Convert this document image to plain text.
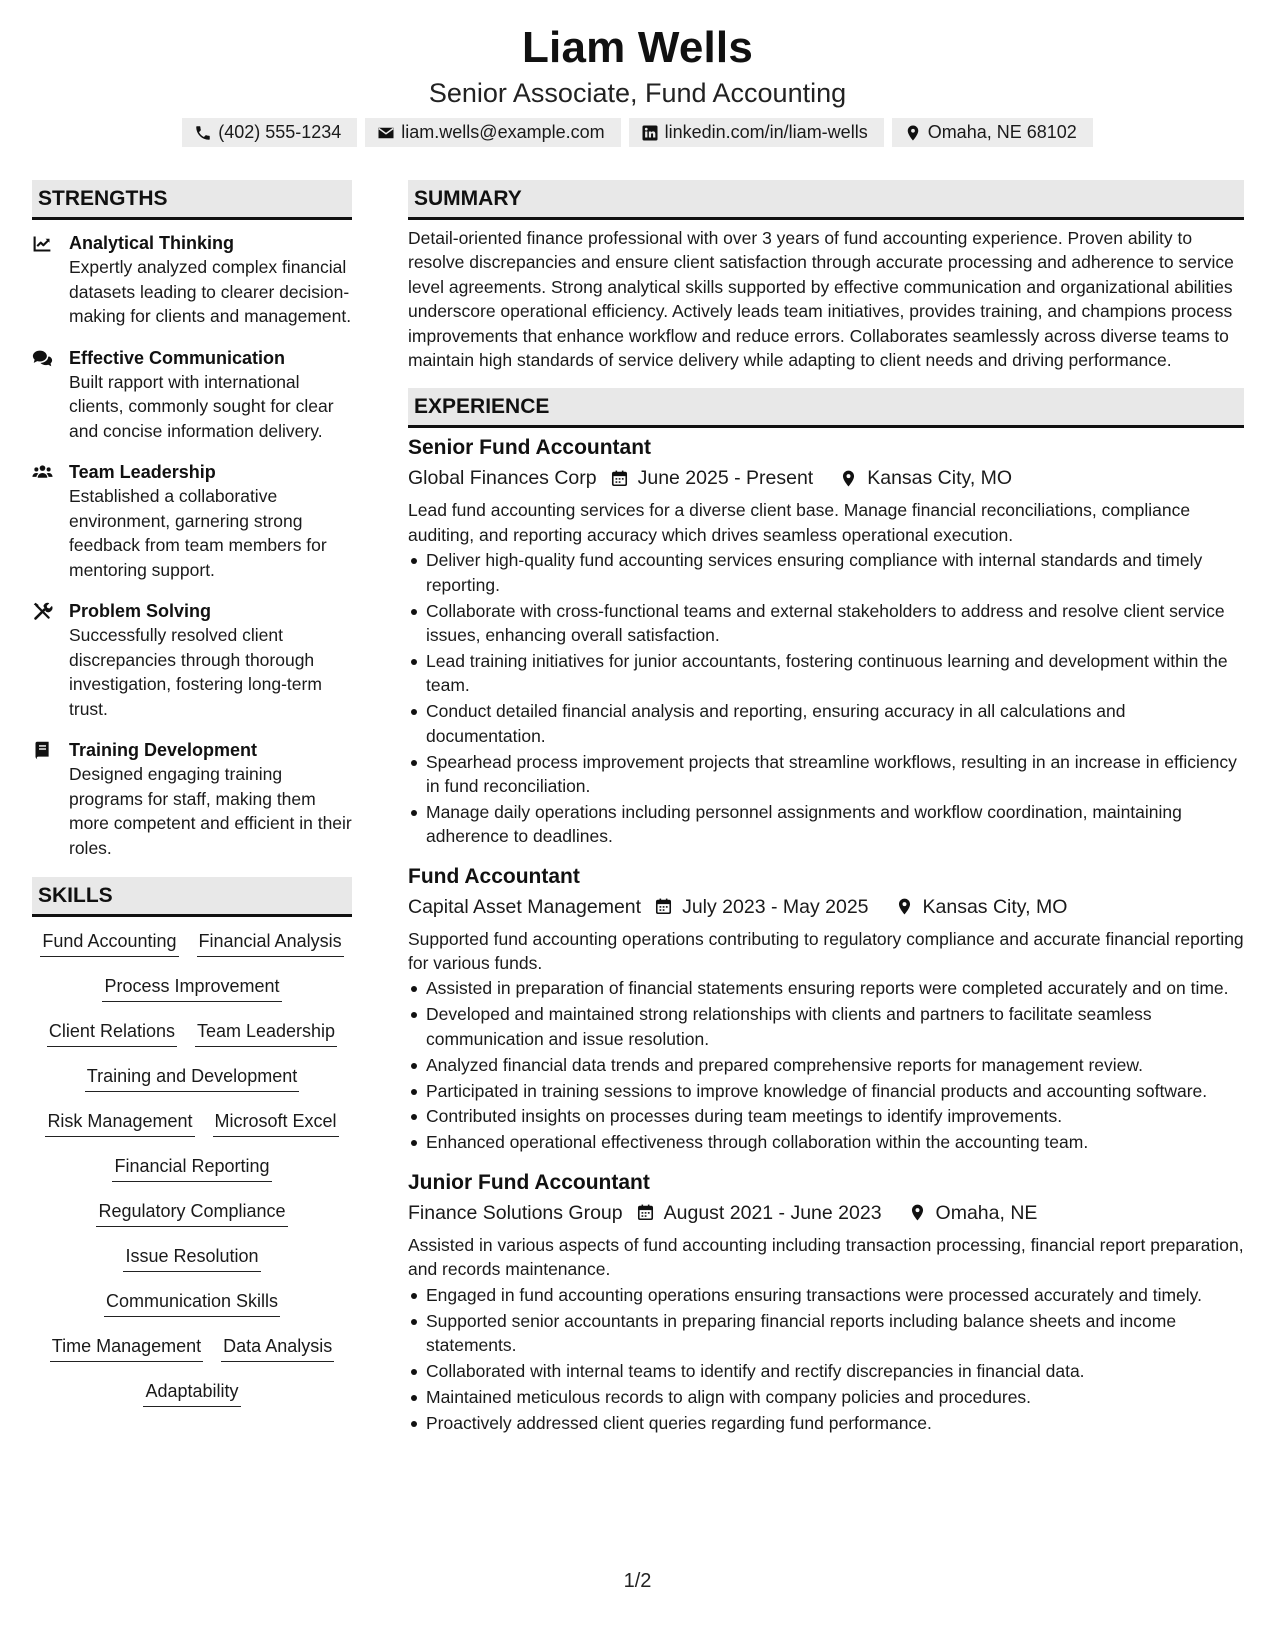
Liam Wells
Senior Associate, Fund Accounting
(402) 555-1234	liam.wells@example.com	linkedin.com/in/liam-wells	Omaha, NE 68102
STRENGTHS
Analytical Thinking
Expertly analyzed complex financial datasets leading to clearer decision-making for clients and management.
Effective Communication
Built rapport with international clients, commonly sought for clear and concise information delivery.
Team Leadership
Established a collaborative environment, garnering strong feedback from team members for mentoring support.
Problem Solving
Successfully resolved client discrepancies through thorough investigation, fostering long-term trust.
Training Development
Designed engaging training programs for staff, making them more competent and efficient in their roles.
SKILLS
Fund Accounting Financial Analysis
Process Improvement
Client Relations Team Leadership
Training and Development
Risk Management Microsoft Excel
Financial Reporting
Regulatory Compliance
Issue Resolution
Communication Skills
Time Management Data Analysis
Adaptability
SUMMARY
Detail-oriented finance professional with over 3 years of fund accounting experience. Proven ability to resolve discrepancies and ensure client satisfaction through accurate processing and adherence to service level agreements. Strong analytical skills supported by effective communication and organizational abilities underscore operational efficiency. Actively leads team initiatives, provides training, and champions process improvements that enhance workflow and reduce errors. Collaborates seamlessly across diverse teams to maintain high standards of service delivery while adapting to client needs and driving performance.
EXPERIENCE
Senior Fund Accountant
Global Finances Corp June 2025 - Present	Kansas City, MO
Lead fund accounting services for a diverse client base. Manage financial reconciliations, compliance auditing, and reporting accuracy which drives seamless operational execution.
Deliver high-quality fund accounting services ensuring compliance with internal standards and timely reporting.
Collaborate with cross-functional teams and external stakeholders to address and resolve client service issues, enhancing overall satisfaction.
Lead training initiatives for junior accountants, fostering continuous learning and development within the team.
Conduct detailed financial analysis and reporting, ensuring accuracy in all calculations and documentation.
Spearhead process improvement projects that streamline workflows, resulting in an increase in efficiency in fund reconciliation.
Manage daily operations including personnel assignments and workflow coordination, maintaining adherence to deadlines.
Fund Accountant
Capital Asset Management July 2023 - May 2025	Kansas City, MO
Supported fund accounting operations contributing to regulatory compliance and accurate financial reporting for various funds.
Assisted in preparation of financial statements ensuring reports were completed accurately and on time.
Developed and maintained strong relationships with clients and partners to facilitate seamless communication and issue resolution.
Analyzed financial data trends and prepared comprehensive reports for management review.
Participated in training sessions to improve knowledge of financial products and accounting software.
Contributed insights on processes during team meetings to identify improvements.
Enhanced operational effectiveness through collaboration within the accounting team.
Junior Fund Accountant
Finance Solutions Group August 2021 - June 2023	Omaha, NE
Assisted in various aspects of fund accounting including transaction processing, financial report preparation, and records maintenance.
Engaged in fund accounting operations ensuring transactions were processed accurately and timely.
Supported senior accountants in preparing financial reports including balance sheets and income statements.
Collaborated with internal teams to identify and rectify discrepancies in financial data.
Maintained meticulous records to align with company policies and procedures.
Proactively addressed client queries regarding fund performance.
1/2
